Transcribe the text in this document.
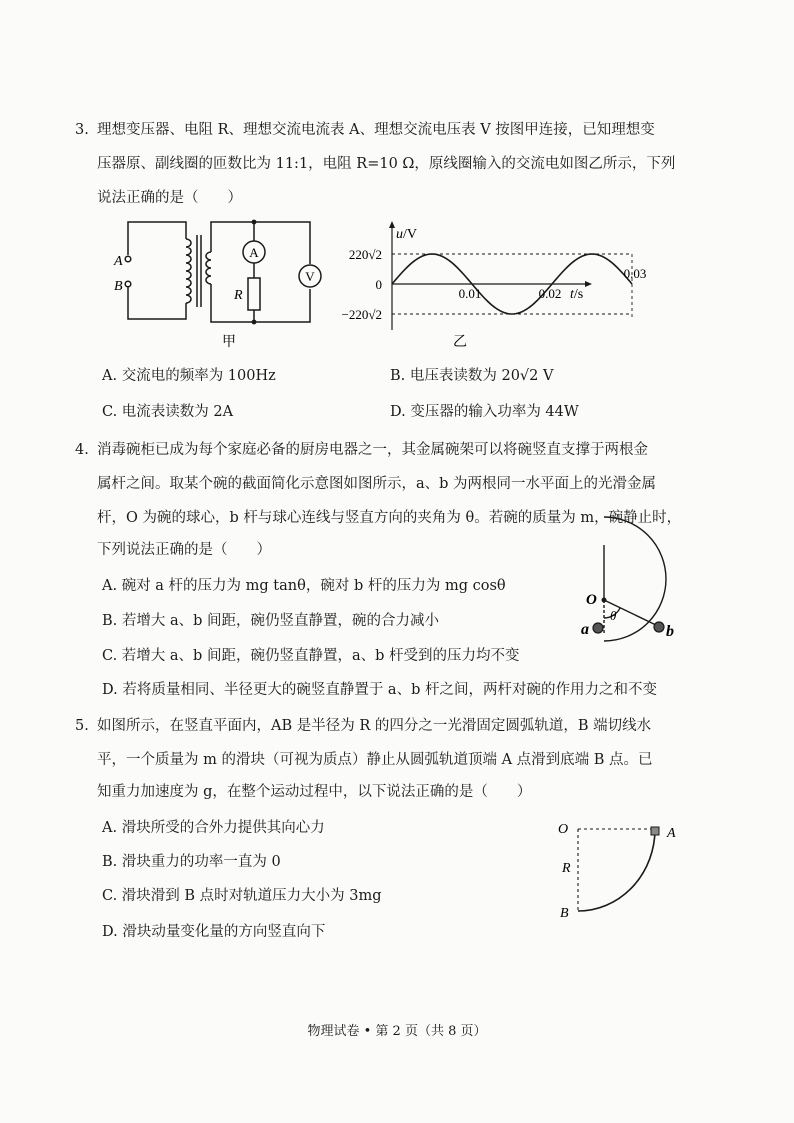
3. 理想变压器、电阻 R、理想交流电流表 A、理想交流电压表 V 按图甲连接，已知理想变
压器原、副线圈的匝数比为 11:1，电阻 R=10 Ω，原线圈输入的交流电如图乙所示，下列
说法正确的是（　　）
A
B
A
V
R
甲
u/V
t/s
220√2
0
−220√2
0.01	0.02
0.03
乙
A. 交流电的频率为 100Hz	B. 电压表读数为 20√2 V
C. 电流表读数为 2A	D. 变压器的输入功率为 44W
4. 消毒碗柜已成为每个家庭必备的厨房电器之一，其金属碗架可以将碗竖直支撑于两根金
属杆之间。取某个碗的截面简化示意图如图所示，a、b 为两根同一水平面上的光滑金属
杆，O 为碗的球心，b 杆与球心连线与竖直方向的夹角为 θ。若碗的质量为 m，碗静止时，
下列说法正确的是（　　）
O
a	b
θ
A. 碗对 a 杆的压力为 mg tanθ，碗对 b 杆的压力为 mg cosθ
B. 若增大 a、b 间距，碗仍竖直静置，碗的合力减小
C. 若增大 a、b 间距，碗仍竖直静置，a、b 杆受到的压力均不变
D. 若将质量相同、半径更大的碗竖直静置于 a、b 杆之间，两杆对碗的作用力之和不变
5. 如图所示，在竖直平面内，AB 是半径为 R 的四分之一光滑固定圆弧轨道，B 端切线水
平，一个质量为 m 的滑块（可视为质点）静止从圆弧轨道顶端 A 点滑到底端 B 点。已
知重力加速度为 g，在整个运动过程中，以下说法正确的是（　　）
O	A
B
R
A. 滑块所受的合外力提供其向心力
B. 滑块重力的功率一直为 0
C. 滑块滑到 B 点时对轨道压力大小为 3mg
D. 滑块动量变化量的方向竖直向下
物理试卷 • 第 2 页（共 8 页）
